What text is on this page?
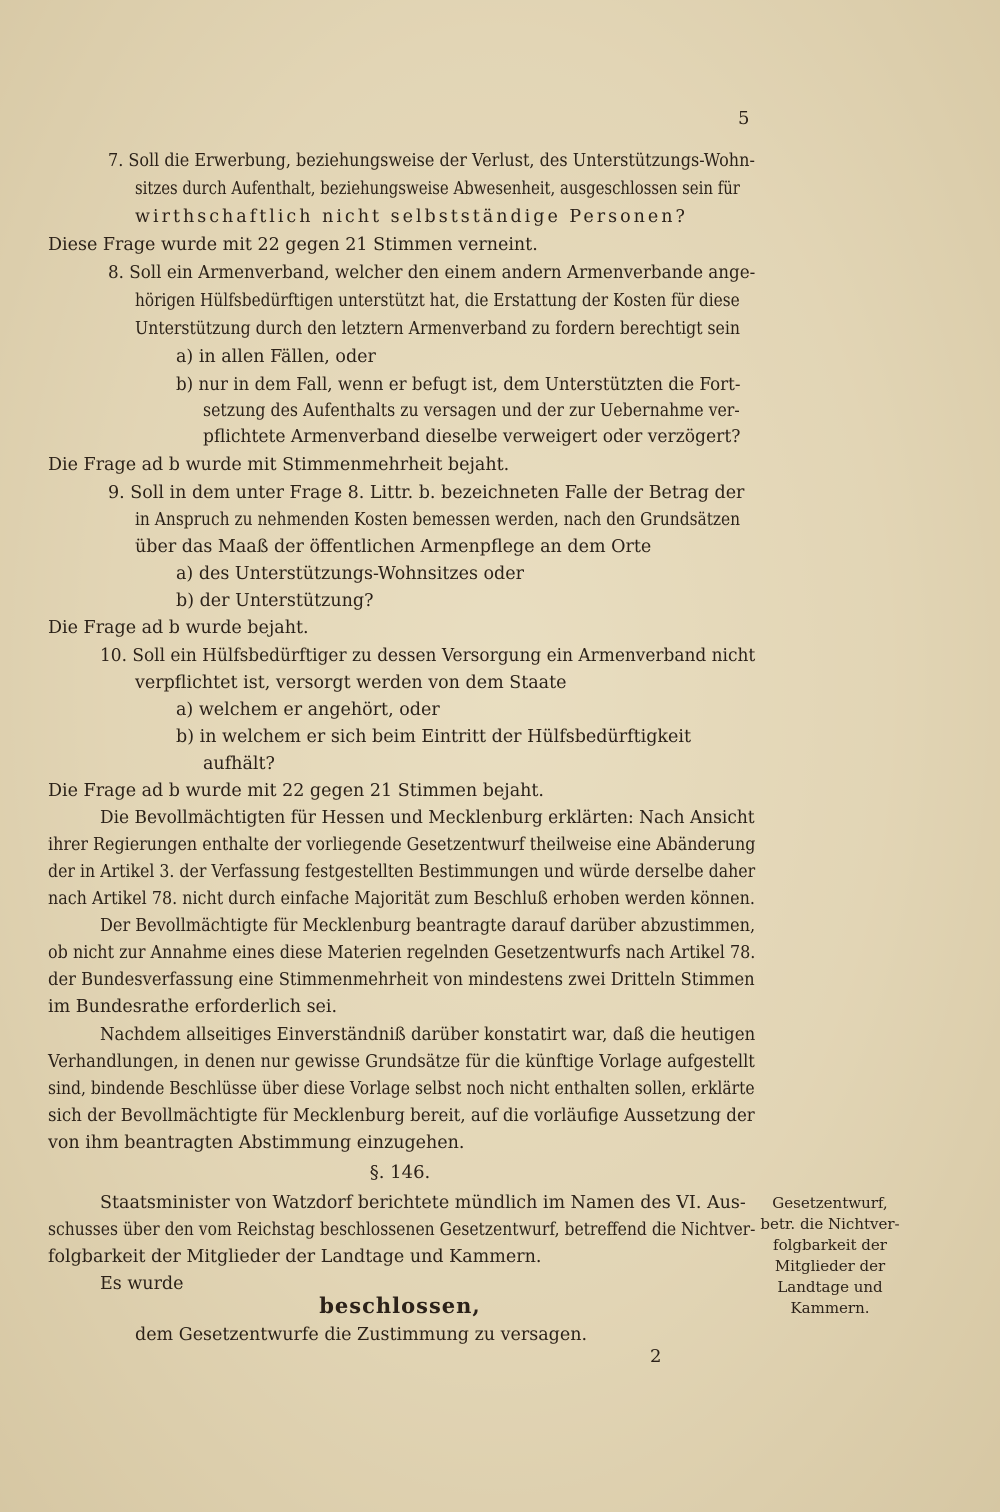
5
7. Soll die Erwerbung, beziehungsweise der Verlust, des Unterstützungs-Wohn-
sitzes durch Aufenthalt, beziehungsweise Abwesenheit, ausgeschlossen sein für
wirthschaftlich nicht selbstständige Personen?
Diese Frage wurde mit 22 gegen 21 Stimmen verneint.
8. Soll ein Armenverband, welcher den einem andern Armenverbande ange-
hörigen Hülfsbedürftigen unterstützt hat, die Erstattung der Kosten für diese
Unterstützung durch den letztern Armenverband zu fordern berechtigt sein
a) in allen Fällen, oder
b) nur in dem Fall, wenn er befugt ist, dem Unterstützten die Fort-
setzung des Aufenthalts zu versagen und der zur Uebernahme ver-
pflichtete Armenverband dieselbe verweigert oder verzögert?
Die Frage ad b wurde mit Stimmenmehrheit bejaht.
9. Soll in dem unter Frage 8. Littr. b. bezeichneten Falle der Betrag der
in Anspruch zu nehmenden Kosten bemessen werden, nach den Grundsätzen
über das Maaß der öffentlichen Armenpflege an dem Orte
a) des Unterstützungs-Wohnsitzes oder
b) der Unterstützung?
Die Frage ad b wurde bejaht.
10. Soll ein Hülfsbedürftiger zu dessen Versorgung ein Armenverband nicht
verpflichtet ist, versorgt werden von dem Staate
a) welchem er angehört, oder
b) in welchem er sich beim Eintritt der Hülfsbedürftigkeit
aufhält?
Die Frage ad b wurde mit 22 gegen 21 Stimmen bejaht.
Die Bevollmächtigten für Hessen und Mecklenburg erklärten: Nach Ansicht
ihrer Regierungen enthalte der vorliegende Gesetzentwurf theilweise eine Abänderung
der in Artikel 3. der Verfassung festgestellten Bestimmungen und würde derselbe daher
nach Artikel 78. nicht durch einfache Majorität zum Beschluß erhoben werden können.
Der Bevollmächtigte für Mecklenburg beantragte darauf darüber abzustimmen,
ob nicht zur Annahme eines diese Materien regelnden Gesetzentwurfs nach Artikel 78.
der Bundesverfassung eine Stimmenmehrheit von mindestens zwei Dritteln Stimmen
im Bundesrathe erforderlich sei.
Nachdem allseitiges Einverständniß darüber konstatirt war, daß die heutigen
Verhandlungen, in denen nur gewisse Grundsätze für die künftige Vorlage aufgestellt
sind, bindende Beschlüsse über diese Vorlage selbst noch nicht enthalten sollen, erklärte
sich der Bevollmächtigte für Mecklenburg bereit, auf die vorläufige Aussetzung der
von ihm beantragten Abstimmung einzugehen.
§. 146.
Staatsminister von Watzdorf berichtete mündlich im Namen des VI. Aus-
schusses über den vom Reichstag beschlossenen Gesetzentwurf, betreffend die Nichtver-
folgbarkeit der Mitglieder der Landtage und Kammern.
Es wurde
beschlossen,
dem Gesetzentwurfe die Zustimmung zu versagen.
Gesetzentwurf,
betr. die Nichtver-
folgbarkeit der
Mitglieder der
Landtage und
Kammern.
2
